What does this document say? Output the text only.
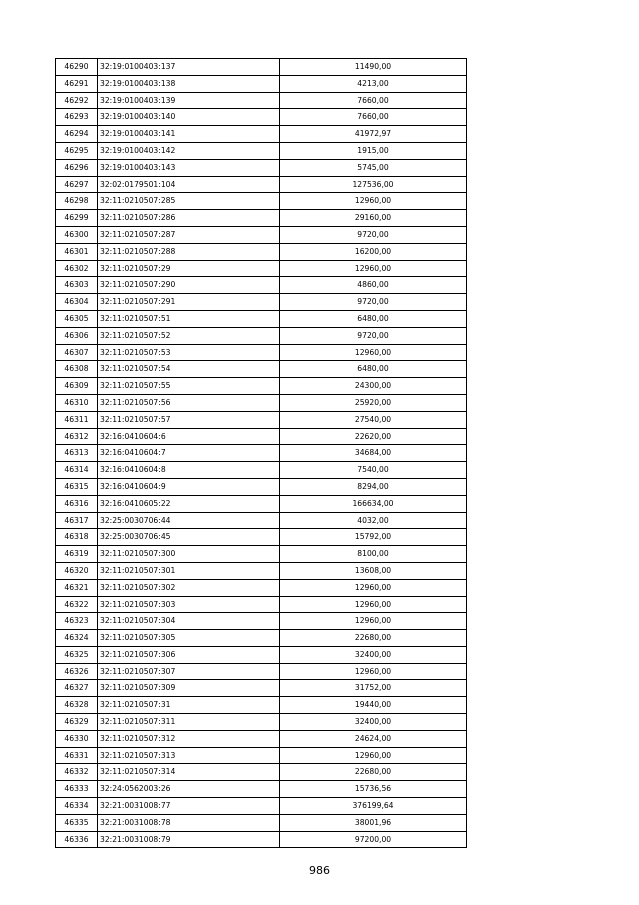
46290	32:19:0100403:137	11490,00
46291	32:19:0100403:138	4213,00
46292	32:19:0100403:139	7660,00
46293	32:19:0100403:140	7660,00
46294	32:19:0100403:141	41972,97
46295	32:19:0100403:142	1915,00
46296	32:19:0100403:143	5745,00
46297	32:02:0179501:104	127536,00
46298	32:11:0210507:285	12960,00
46299	32:11:0210507:286	29160,00
46300	32:11:0210507:287	9720,00
46301	32:11:0210507:288	16200,00
46302	32:11:0210507:29	12960,00
46303	32:11:0210507:290	4860,00
46304	32:11:0210507:291	9720,00
46305	32:11:0210507:51	6480,00
46306	32:11:0210507:52	9720,00
46307	32:11:0210507:53	12960,00
46308	32:11:0210507:54	6480,00
46309	32:11:0210507:55	24300,00
46310	32:11:0210507:56	25920,00
46311	32:11:0210507:57	27540,00
46312	32:16:0410604:6	22620,00
46313	32:16:0410604:7	34684,00
46314	32:16:0410604:8	7540,00
46315	32:16:0410604:9	8294,00
46316	32:16:0410605:22	166634,00
46317	32:25:0030706:44	4032,00
46318	32:25:0030706:45	15792,00
46319	32:11:0210507:300	8100,00
46320	32:11:0210507:301	13608,00
46321	32:11:0210507:302	12960,00
46322	32:11:0210507:303	12960,00
46323	32:11:0210507:304	12960,00
46324	32:11:0210507:305	22680,00
46325	32:11:0210507:306	32400,00
46326	32:11:0210507:307	12960,00
46327	32:11:0210507:309	31752,00
46328	32:11:0210507:31	19440,00
46329	32:11:0210507:311	32400,00
46330	32:11:0210507:312	24624,00
46331	32:11:0210507:313	12960,00
46332	32:11:0210507:314	22680,00
46333	32:24:0562003:26	15736,56
46334	32:21:0031008:77	376199,64
46335	32:21:0031008:78	38001,96
46336	32:21:0031008:79	97200,00
986
